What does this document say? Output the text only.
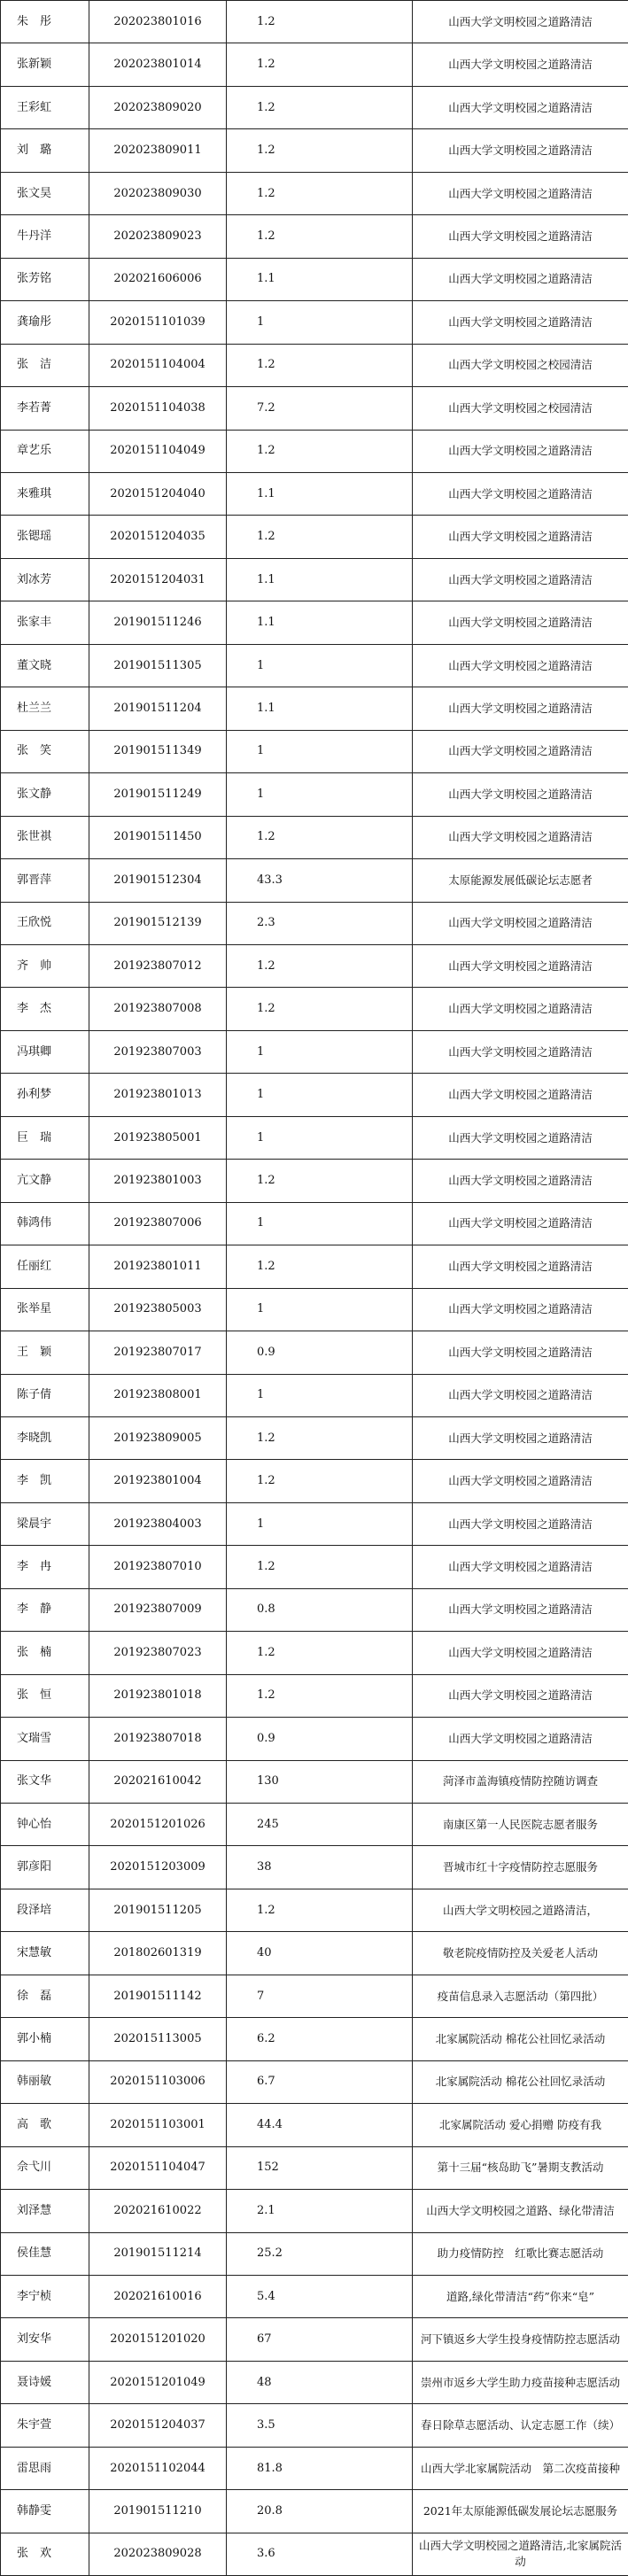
朱　彤	202023801016	1.2	山西大学文明校园之道路清洁
张新颖	202023801014	1.2	山西大学文明校园之道路清洁
王彩虹	202023809020	1.2	山西大学文明校园之道路清洁
刘　璐	202023809011	1.2	山西大学文明校园之道路清洁
张文昊	202023809030	1.2	山西大学文明校园之道路清洁
牛丹洋	202023809023	1.2	山西大学文明校园之道路清洁
张芳铭	202021606006	1.1	山西大学文明校园之道路清洁
龚瑜彤	202015110103​9	1	山西大学文明校园之道路清洁
张　洁	202015110400​4	1.2	山西大学文明校园之校园清洁
李若菁	202015110403​8	7.2	山西大学文明校园之校园清洁
章艺乐	202015110404​9	1.2	山西大学文明校园之道路清洁
来雅琪	202015120404​0	1.1	山西大学文明校园之道路清洁
张锶瑶	202015120403​5	1.2	山西大学文明校园之道路清洁
刘冰芳	202015120403​1	1.1	山西大学文明校园之道路清洁
张家丰	201901511246	1.1	山西大学文明校园之道路清洁
董文晓	201901511305	1	山西大学文明校园之道路清洁
杜兰兰	201901511204	1.1	山西大学文明校园之道路清洁
张　笑	201901511349	1	山西大学文明校园之道路清洁
张文静	201901511249	1	山西大学文明校园之道路清洁
张世祺	201901511450	1.2	山西大学文明校园之道路清洁
郭晋萍	201901512304	43.3	太原能源发展低碳论坛志愿者
王欣悦	201901512139	2.3	山西大学文明校园之道路清洁
齐　帅	201923807012	1.2	山西大学文明校园之道路清洁
李　杰	201923807008	1.2	山西大学文明校园之道路清洁
冯琪卿	201923807003	1	山西大学文明校园之道路清洁
孙利梦	201923801013	1	山西大学文明校园之道路清洁
巨　瑞	201923805001	1	山西大学文明校园之道路清洁
亢文静	201923801003	1.2	山西大学文明校园之道路清洁
韩鸿伟	201923807006	1	山西大学文明校园之道路清洁
任丽红	201923801011	1.2	山西大学文明校园之道路清洁
张举星	201923805003	1	山西大学文明校园之道路清洁
王　颖	201923807017	0.9	山西大学文明校园之道路清洁
陈子倩	201923808001	1	山西大学文明校园之道路清洁
李晓凯	201923809005	1.2	山西大学文明校园之道路清洁
李　凯	201923801004	1.2	山西大学文明校园之道路清洁
梁晨宇	201923804003	1	山西大学文明校园之道路清洁
李　冉	201923807010	1.2	山西大学文明校园之道路清洁
李　静	201923807009	0.8	山西大学文明校园之道路清洁
张　楠	201923807023	1.2	山西大学文明校园之道路清洁
张　恒	201923801018	1.2	山西大学文明校园之道路清洁
文瑞雪	201923807018	0.9	山西大学文明校园之道路清洁
张文华	202021610042	130	菏泽市盖海镇疫情防控随访调查
钟心怡	202015120102​6	245	南康区第一人民医院志愿者服务
郭彦阳	202015120300​9	38	晋城市红十字疫情防控志愿服务
段泽培	201901511205	1.2	山西大学文明校园之道路清洁，
宋慧敏	201802601319	40	敬老院疫情防控及关爱老人活动
徐　磊	201901511142	7	疫苗信息录入志愿活动（第四批）
郭小楠	202015113005	6.2	北家属院活动 棉花公社回忆录活动
韩丽敏	202015110300​6	6.7	北家属院活动 棉花公社回忆录活动
高　歌	202015110300​1	44.4	北家属院活动 爱心捐赠 防疫有我
佘弋川	202015110404​7	152	第十三届“核岛助飞”暑期支教活动
刘泽慧	202021610022	2.1	山西大学文明校园之道路、绿化带清洁
侯佳慧	201901511214	25.2	助力疫情防控　红歌比赛志愿活动
李宁桢	202021610016	5.4	道路,绿化带清洁“药”你来“皂”
刘安华	202015120102​0	67	河下镇返乡大学生投身疫情防控志愿活动
聂诗媛	202015120104​9	48	崇州市返乡大学生助力疫苗接种志愿活动
朱宇萱	202015120403​7	3.5	春日除草志愿活动、认定志愿工作（续）
雷思雨	202015110204​4	81.8	山西大学北家属院活动　第二次疫苗接种
韩静雯	201901511210	20.8	2021年太原能源低碳发展论坛志愿服务
张　欢	202023809028	3.6	山西大学文明校园之道路清洁,北家属院活动
